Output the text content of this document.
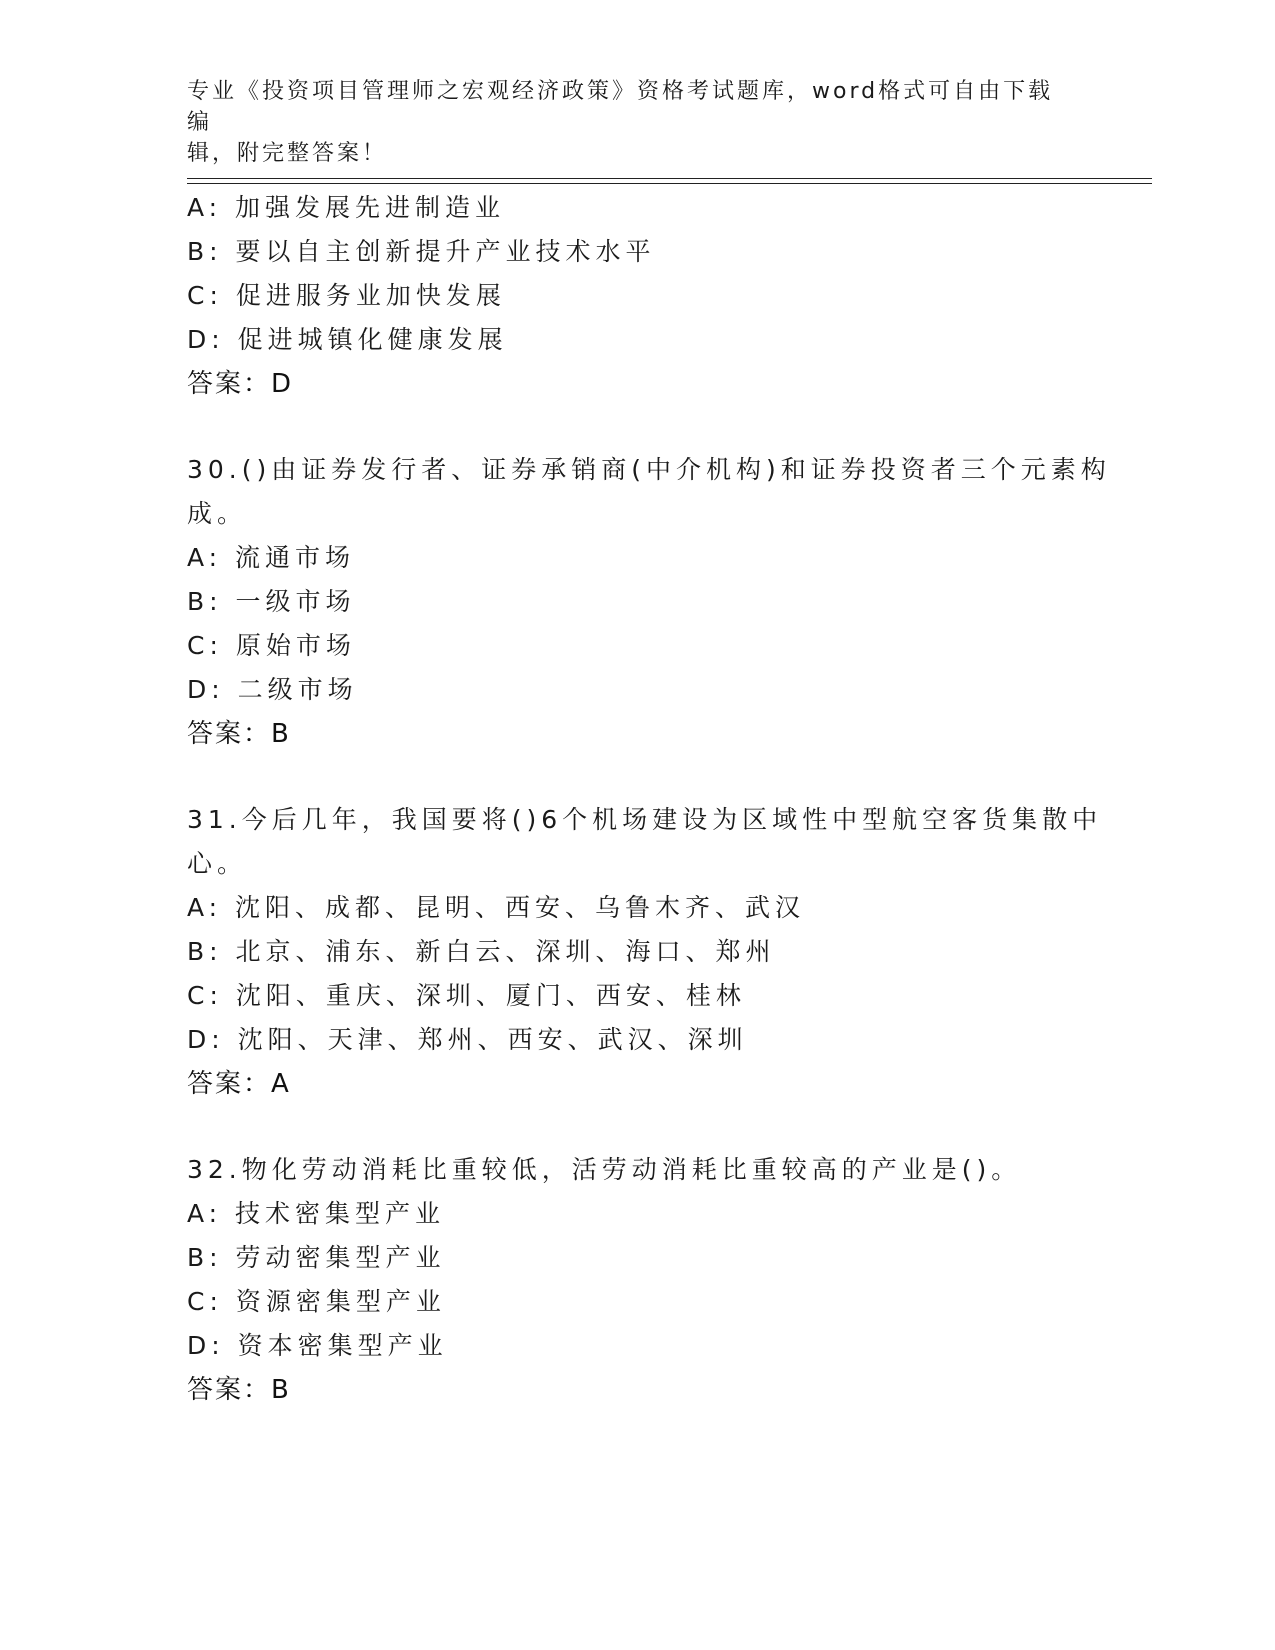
专业《投资项目管理师之宏观经济政策》资格考试题库，word格式可自由下载编
辑，附完整答案！
A: 加强发展先进制造业
B: 要以自主创新提升产业技术水平
C: 促进服务业加快发展
D: 促进城镇化健康发展
答案：D
30.()由证券发行者、证券承销商(中介机构)和证券投资者三个元素构
成。
A: 流通市场
B: 一级市场
C: 原始市场
D: 二级市场
答案：B
31.今后几年，我国要将()6个机场建设为区域性中型航空客货集散中
心。
A: 沈阳、成都、昆明、西安、乌鲁木齐、武汉
B: 北京、浦东、新白云、深圳、海口、郑州
C: 沈阳、重庆、深圳、厦门、西安、桂林
D: 沈阳、天津、郑州、西安、武汉、深圳
答案：A
32.物化劳动消耗比重较低，活劳动消耗比重较高的产业是()。
A: 技术密集型产业
B: 劳动密集型产业
C: 资源密集型产业
D: 资本密集型产业
答案：B
